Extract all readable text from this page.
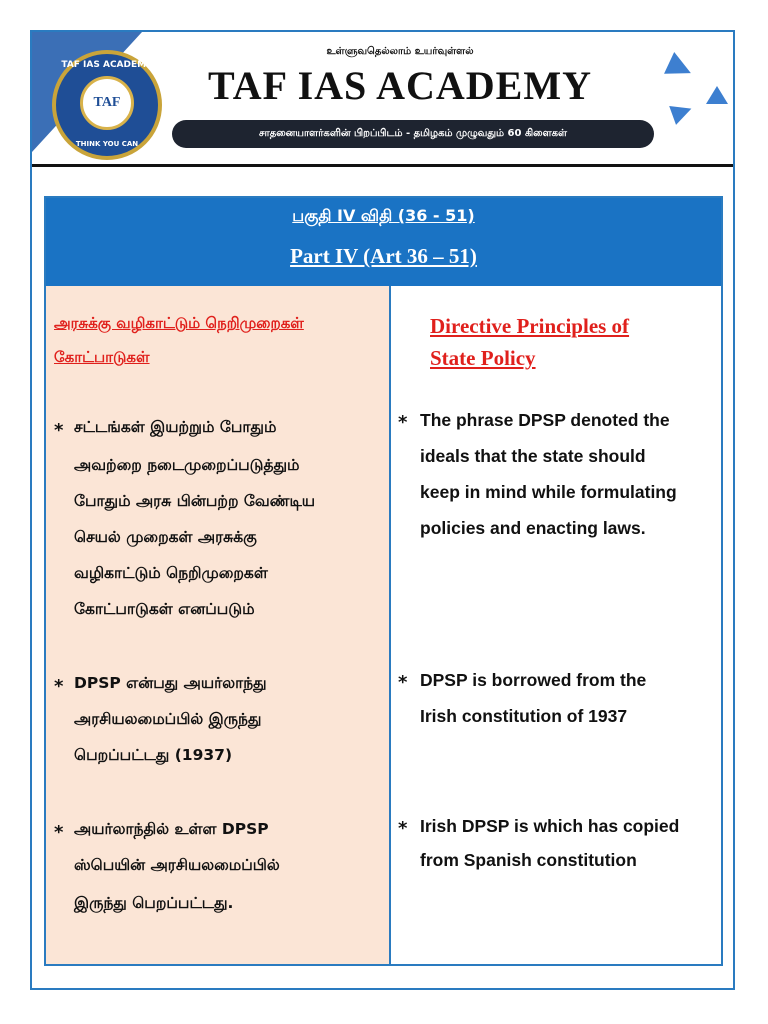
TAF IAS ACADEMY
TAF
THINK YOU CAN
உள்ளுவதெல்லாம் உயர்வுள்ளல்
TAF IAS ACADEMY
சாதனையாளர்களின் பிறப்பிடம் - தமிழகம் முழுவதும் 60 கிளைகள்
பகுதி IV விதி (36 - 51)
Part IV (Art 36 – 51)
அரசுக்கு வழிகாட்டும் நெறிமுறைகள்
கோட்பாடுகள்
Directive Principles of
State Policy
* சட்டங்கள் இயற்றும் போதும்
அவற்றை நடைமுறைப்படுத்தும்
போதும் அரசு பின்பற்ற வேண்டிய
செயல் முறைகள் அரசுக்கு
வழிகாட்டும் நெறிமுறைகள்
கோட்பாடுகள் எனப்படும்
* DPSP என்பது அயர்லாந்து
அரசியலமைப்பில் இருந்து
பெறப்பட்டது (1937)
* அயர்லாந்தில் உள்ள DPSP
ஸ்பெயின் அரசியலமைப்பில்
இருந்து பெறப்பட்டது.
* The phrase DPSP denoted the
ideals that the state should
keep in mind while formulating
policies and enacting laws.
* DPSP is borrowed from the
Irish constitution of 1937
* Irish DPSP is which has copied
from Spanish constitution
